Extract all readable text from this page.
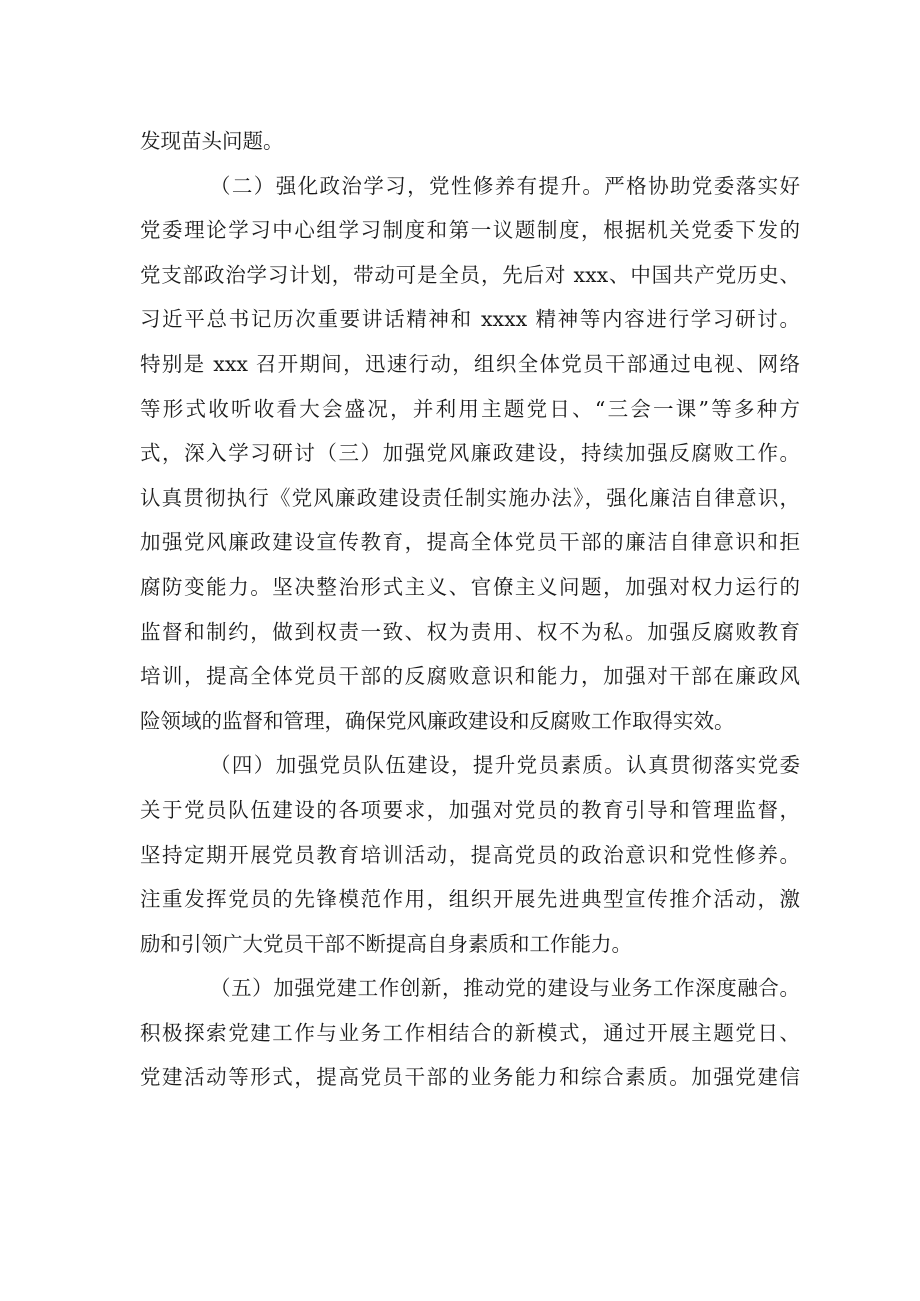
发现苗头问题。
（二）强化政治学习，党性修养有提升。严格协助党委落实好
党委理论学习中心组学习制度和第一议题制度，根据机关党委下发的
党支部政治学习计划，带动可是全员，先后对 xxx、中国共产党历史、
习近平总书记历次重要讲话精神和 xxxx 精神等内容进行学习研讨。
特别是 xxx 召开期间，迅速行动，组织全体党员干部通过电视、网络
等形式收听收看大会盛况，并利用主题党日、“三会一课”等多种方
式，深入学习研讨（三）加强党风廉政建设，持续加强反腐败工作。
认真贯彻执行《党风廉政建设责任制实施办法》，强化廉洁自律意识，
加强党风廉政建设宣传教育，提高全体党员干部的廉洁自律意识和拒
腐防变能力。坚决整治形式主义、官僚主义问题，加强对权力运行的
监督和制约，做到权责一致、权为责用、权不为私。加强反腐败教育
培训，提高全体党员干部的反腐败意识和能力，加强对干部在廉政风
险领域的监督和管理，确保党风廉政建设和反腐败工作取得实效。
（四）加强党员队伍建设，提升党员素质。认真贯彻落实党委
关于党员队伍建设的各项要求，加强对党员的教育引导和管理监督，
坚持定期开展党员教育培训活动，提高党员的政治意识和党性修养。
注重发挥党员的先锋模范作用，组织开展先进典型宣传推介活动，激
励和引领广大党员干部不断提高自身素质和工作能力。
（五）加强党建工作创新，推动党的建设与业务工作深度融合。
积极探索党建工作与业务工作相结合的新模式，通过开展主题党日、
党建活动等形式，提高党员干部的业务能力和综合素质。加强党建信
